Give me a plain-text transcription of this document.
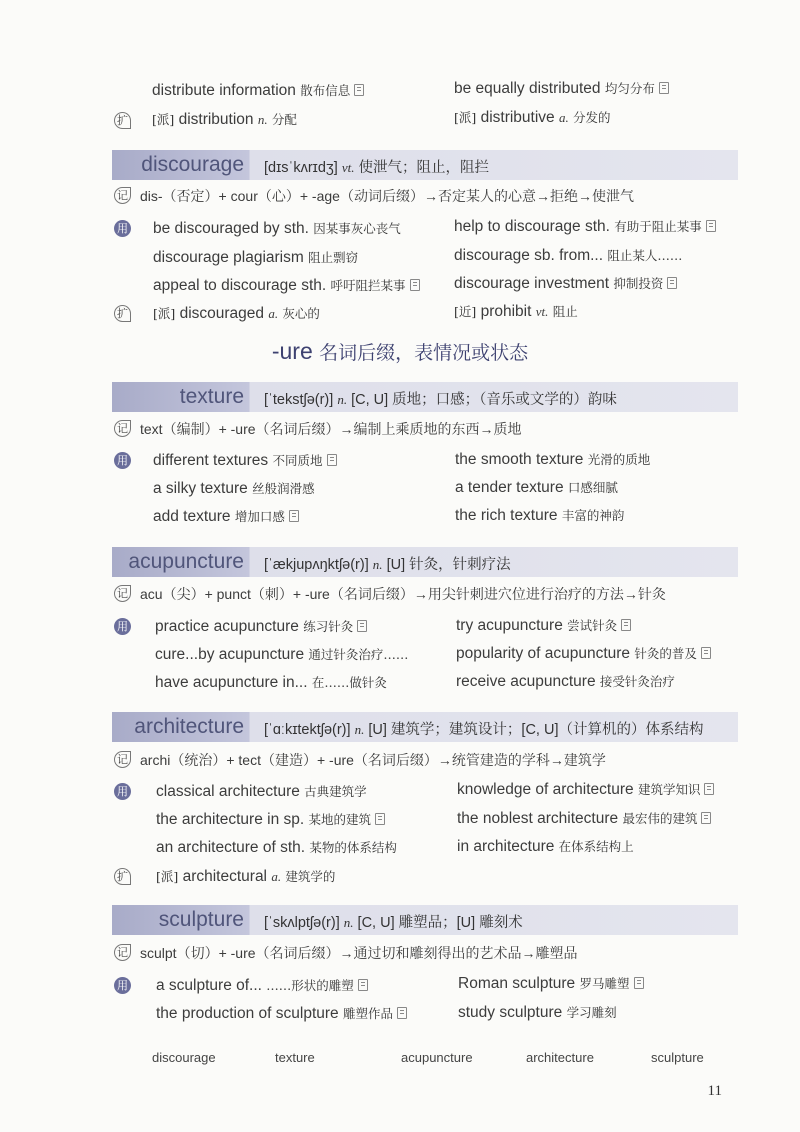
distribute information 散布信息	be equally distributed 均匀分布
扩 [派] distribution n. 分配	[派] distributive a. 分发的
discourage [dɪsˈkʌrɪdʒ] vt. 使泄气；阻止，阻拦
记 dis-（否定）+ cour（心）+ -age（动词后缀）→否定某人的心意→拒绝→使泄气
用 be discouraged by sth. 因某事灰心丧气	help to discourage sth. 有助于阻止某事
discourage plagiarism 阻止剽窃	discourage sb. from... 阻止某人……
appeal to discourage sth. 呼吁阻拦某事	discourage investment 抑制投资
扩 [派] discouraged a. 灰心的	[近] prohibit vt. 阻止
-ure 名词后缀，表情况或状态
texture [ˈtekstʃə(r)] n. [C, U] 质地；口感；（音乐或文学的）韵味
记 text（编制）+ -ure（名词后缀）→编制上乘质地的东西→质地
用 different textures 不同质地	the smooth texture 光滑的质地
a silky texture 丝般润滑感	a tender texture 口感细腻
add texture 增加口感	the rich texture 丰富的神韵
acupuncture [ˈækjupʌŋktʃə(r)] n. [U] 针灸，针刺疗法
记 acu（尖）+ punct（刺）+ -ure（名词后缀）→用尖针刺进穴位进行治疗的方法→针灸
用 practice acupuncture 练习针灸	try acupuncture 尝试针灸
cure...by acupuncture 通过针灸治疗……	popularity of acupuncture 针灸的普及
have acupuncture in... 在……做针灸	receive acupuncture 接受针灸治疗
architecture [ˈɑːkɪtektʃə(r)] n. [U] 建筑学；建筑设计；[C, U]（计算机的）体系结构
记 archi（统治）+ tect（建造）+ -ure（名词后缀）→统管建造的学科→建筑学
用 classical architecture 古典建筑学	knowledge of architecture 建筑学知识
the architecture in sp. 某地的建筑	the noblest architecture 最宏伟的建筑
an architecture of sth. 某物的体系结构	in architecture 在体系结构上
扩 [派] architectural a. 建筑学的
sculpture [ˈskʌlptʃə(r)] n. [C, U] 雕塑品；[U] 雕刻术
记 sculpt（切）+ -ure（名词后缀）→通过切和雕刻得出的艺术品→雕塑品
用 a sculpture of... ……形状的雕塑	Roman sculpture 罗马雕塑
the production of sculpture 雕塑作品	study sculpture 学习雕刻
discourage	texture	acupuncture	architecture	sculpture
11
